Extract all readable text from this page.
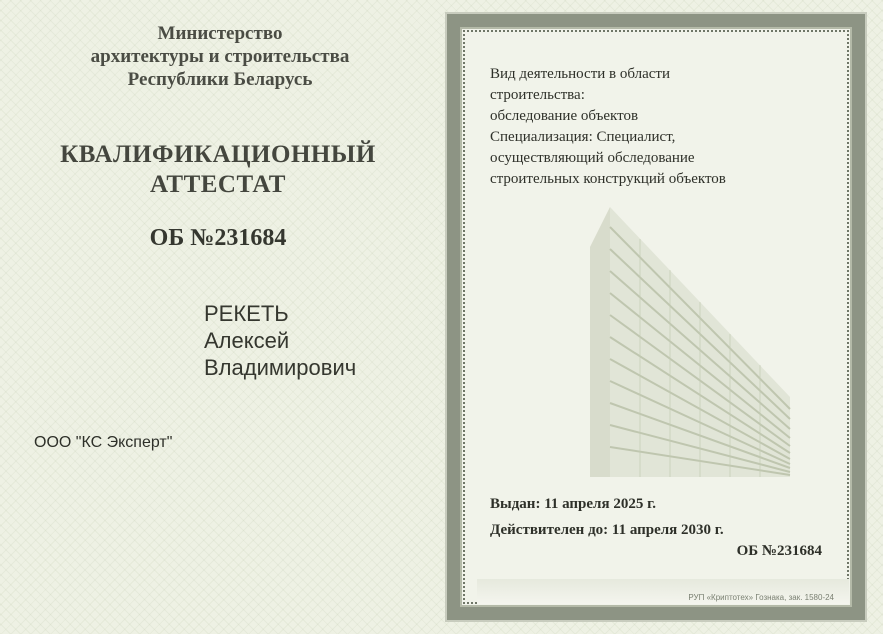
Министерство
архитектуры и строительства
Республики Беларусь
КВАЛИФИКАЦИОННЫЙ
АТТЕСТАТ
ОБ №231684
РЕКЕТЬ
Алексей
Владимирович
ООО "КС Эксперт"
Вид деятельности в области
строительства:
обследование объектов
Специализация: Специалист,
осуществляющий обследование
строительных конструкций объектов
Выдан: 11 апреля 2025 г.
Действителен до: 11 апреля 2030 г.
ОБ №231684
РУП «Криптотех» Гознака, зак. 1580-24
